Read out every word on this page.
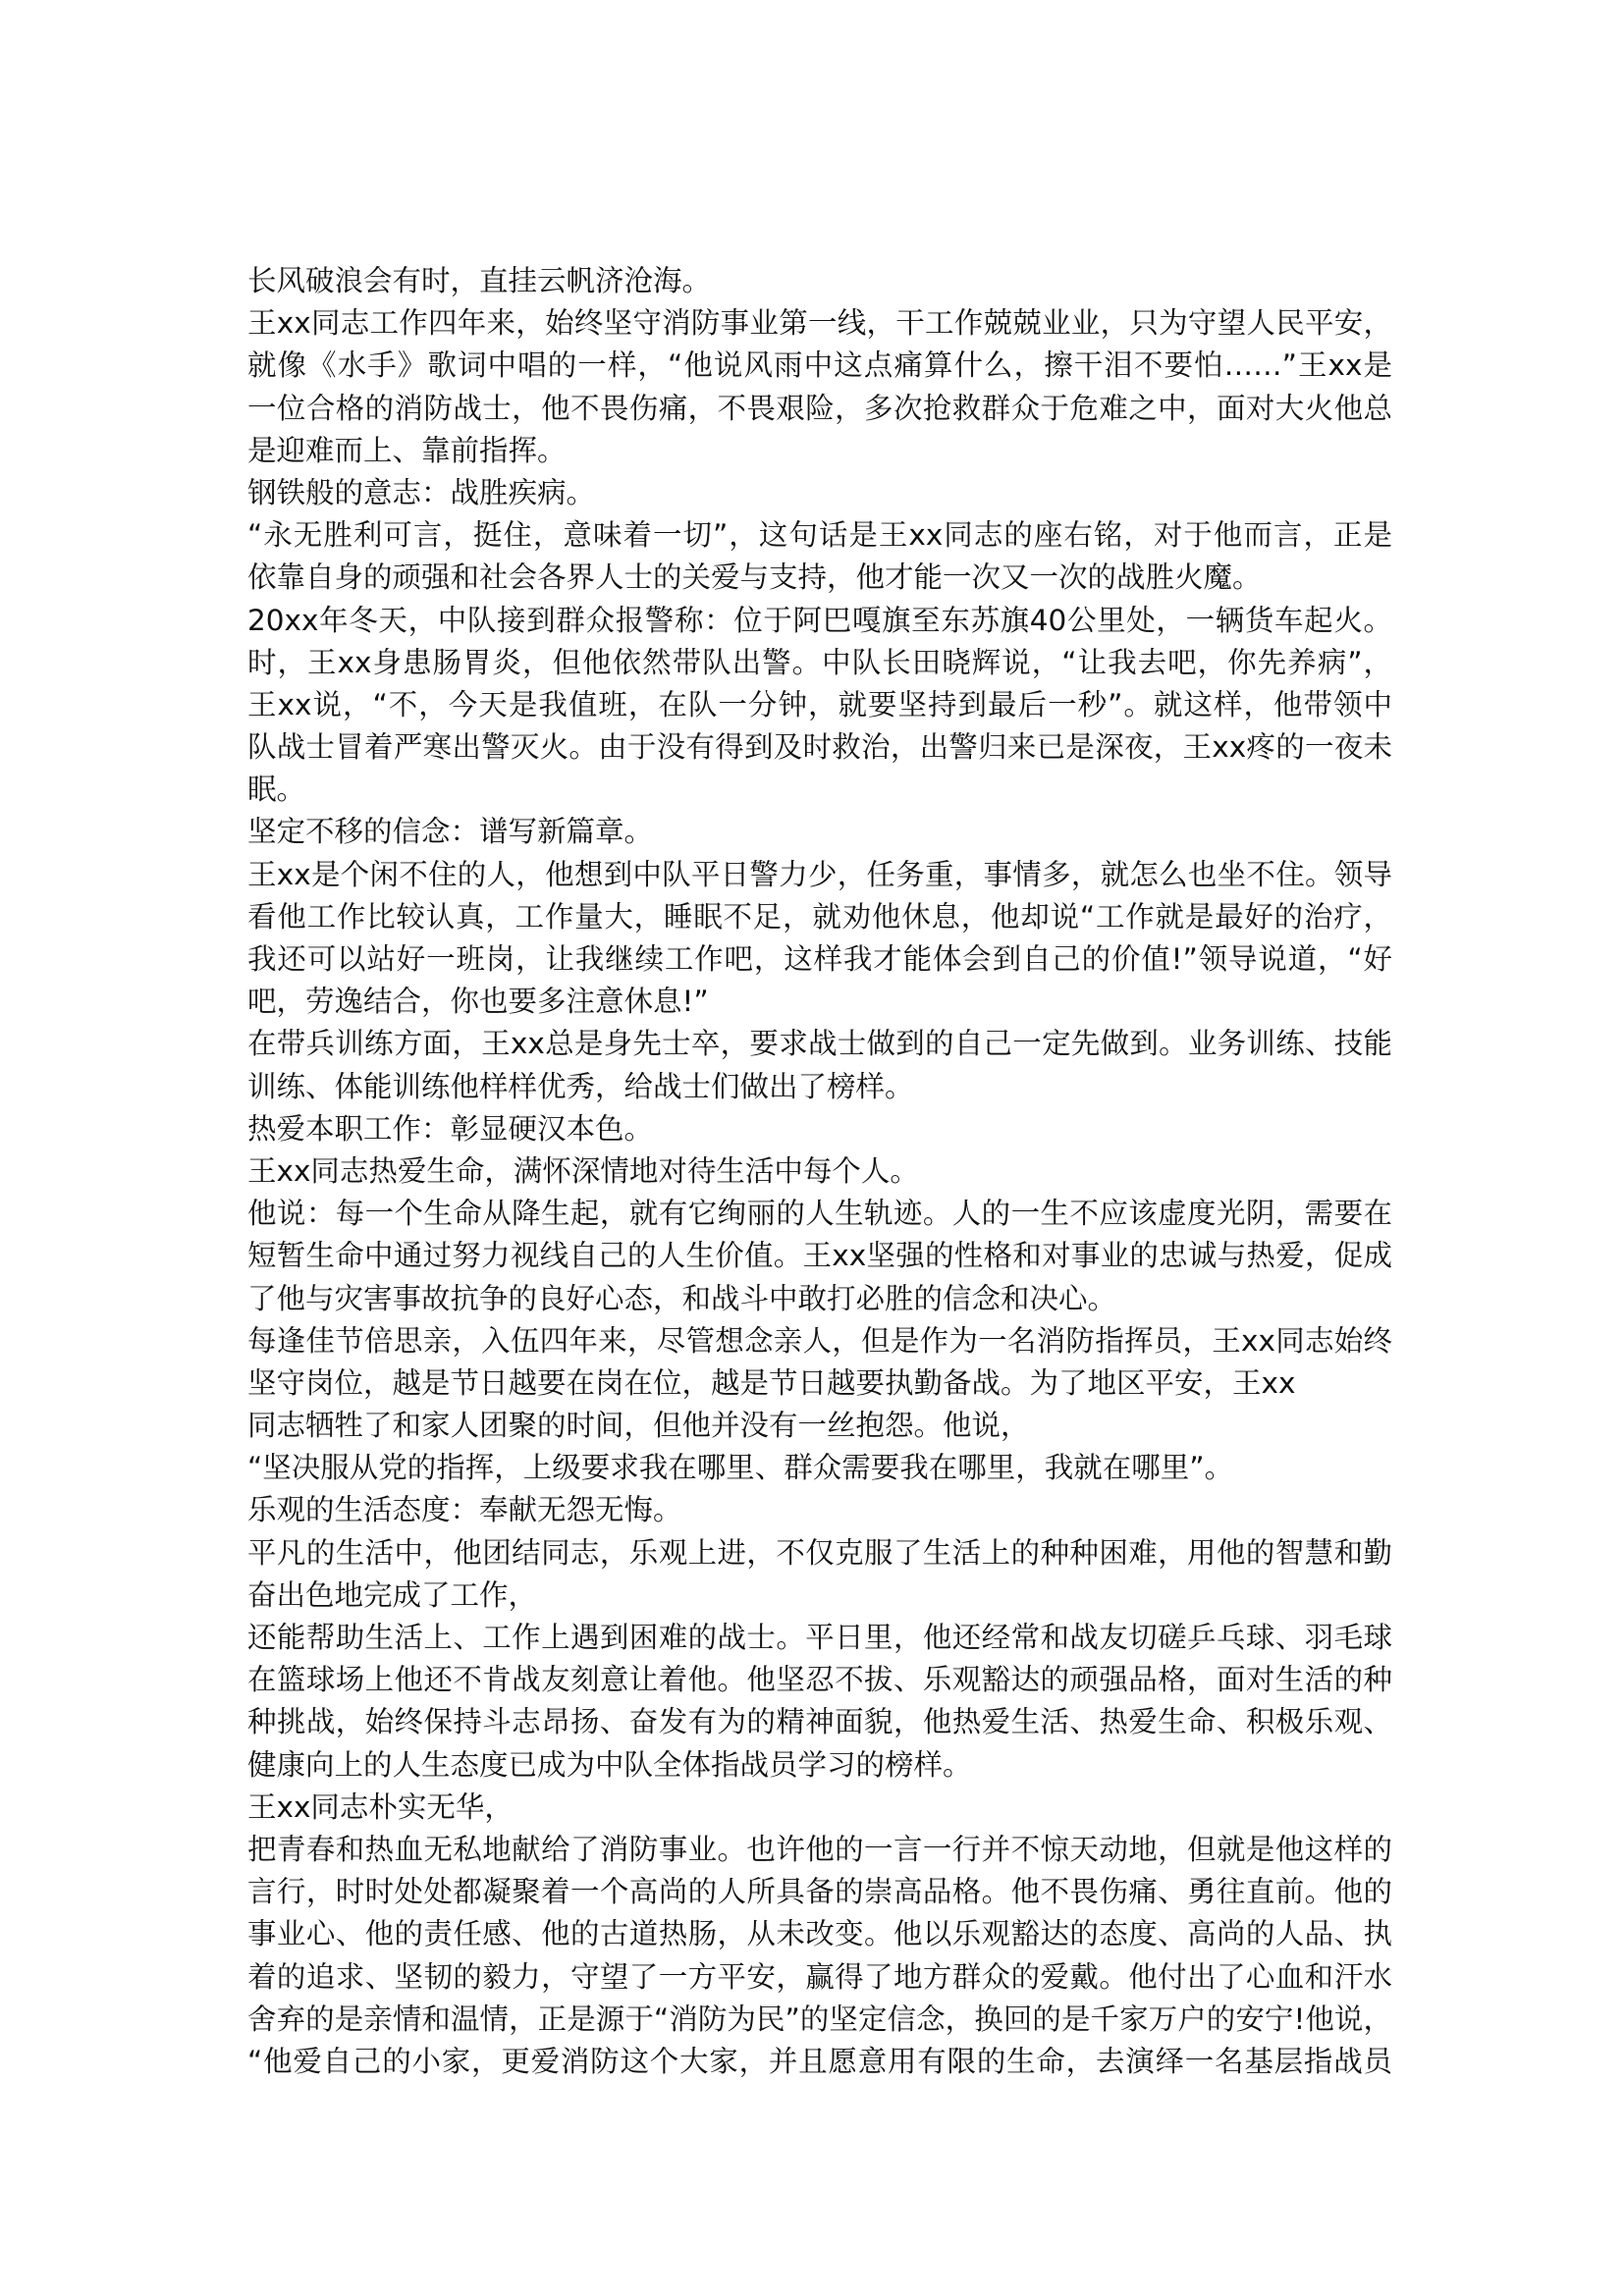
长风破浪会有时，直挂云帆济沧海。
王xx同志工作四年来，始终坚守消防事业第一线，干工作兢兢业业，只为守望人民平安，
就像《水手》歌词中唱的一样，“他说风雨中这点痛算什么，擦干泪不要怕……”王xx是
一位合格的消防战士，他不畏伤痛，不畏艰险，多次抢救群众于危难之中，面对大火他总
是迎难而上、靠前指挥。
钢铁般的意志：战胜疾病。
“永无胜利可言，挺住，意味着一切”，这句话是王xx同志的座右铭，对于他而言，正是
依靠自身的顽强和社会各界人士的关爱与支持，他才能一次又一次的战胜火魔。
20xx年冬天，中队接到群众报警称：位于阿巴嘎旗至东苏旗40公里处，一辆货车起火。
时，王xx身患肠胃炎，但他依然带队出警。中队长田晓辉说，“让我去吧，你先养病”，
王xx说，“不，今天是我值班，在队一分钟，就要坚持到最后一秒”。就这样，他带领中
队战士冒着严寒出警灭火。由于没有得到及时救治，出警归来已是深夜，王xx疼的一夜未
眠。
坚定不移的信念：谱写新篇章。
王xx是个闲不住的人，他想到中队平日警力少，任务重，事情多，就怎么也坐不住。领导
看他工作比较认真，工作量大，睡眠不足，就劝他休息，他却说“工作就是最好的治疗，
我还可以站好一班岗，让我继续工作吧，这样我才能体会到自己的价值!”领导说道，“好
吧，劳逸结合，你也要多注意休息!”
在带兵训练方面，王xx总是身先士卒，要求战士做到的自己一定先做到。业务训练、技能
训练、体能训练他样样优秀，给战士们做出了榜样。
热爱本职工作：彰显硬汉本色。
王xx同志热爱生命，满怀深情地对待生活中每个人。
他说：每一个生命从降生起，就有它绚丽的人生轨迹。人的一生不应该虚度光阴，需要在
短暂生命中通过努力视线自己的人生价值。王xx坚强的性格和对事业的忠诚与热爱，促成
了他与灾害事故抗争的良好心态，和战斗中敢打必胜的信念和决心。
每逢佳节倍思亲，入伍四年来，尽管想念亲人，但是作为一名消防指挥员，王xx同志始终
坚守岗位，越是节日越要在岗在位，越是节日越要执勤备战。为了地区平安，王xx
同志牺牲了和家人团聚的时间，但他并没有一丝抱怨。他说，
“坚决服从党的指挥，上级要求我在哪里、群众需要我在哪里，我就在哪里”。
乐观的生活态度：奉献无怨无悔。
平凡的生活中，他团结同志，乐观上进，不仅克服了生活上的种种困难，用他的智慧和勤
奋出色地完成了工作，
还能帮助生活上、工作上遇到困难的战士。平日里，他还经常和战友切磋乒乓球、羽毛球
在篮球场上他还不肯战友刻意让着他。他坚忍不拔、乐观豁达的顽强品格，面对生活的种
种挑战，始终保持斗志昂扬、奋发有为的精神面貌，他热爱生活、热爱生命、积极乐观、
健康向上的人生态度已成为中队全体指战员学习的榜样。
王xx同志朴实无华，
把青春和热血无私地献给了消防事业。也许他的一言一行并不惊天动地，但就是他这样的
言行，时时处处都凝聚着一个高尚的人所具备的崇高品格。他不畏伤痛、勇往直前。他的
事业心、他的责任感、他的古道热肠，从未改变。他以乐观豁达的态度、高尚的人品、执
着的追求、坚韧的毅力，守望了一方平安，赢得了地方群众的爱戴。他付出了心血和汗水
舍弃的是亲情和温情，正是源于“消防为民”的坚定信念，换回的是千家万户的安宁!他说，
“他爱自己的小家，更爱消防这个大家，并且愿意用有限的生命，去演绎一名基层指战员
